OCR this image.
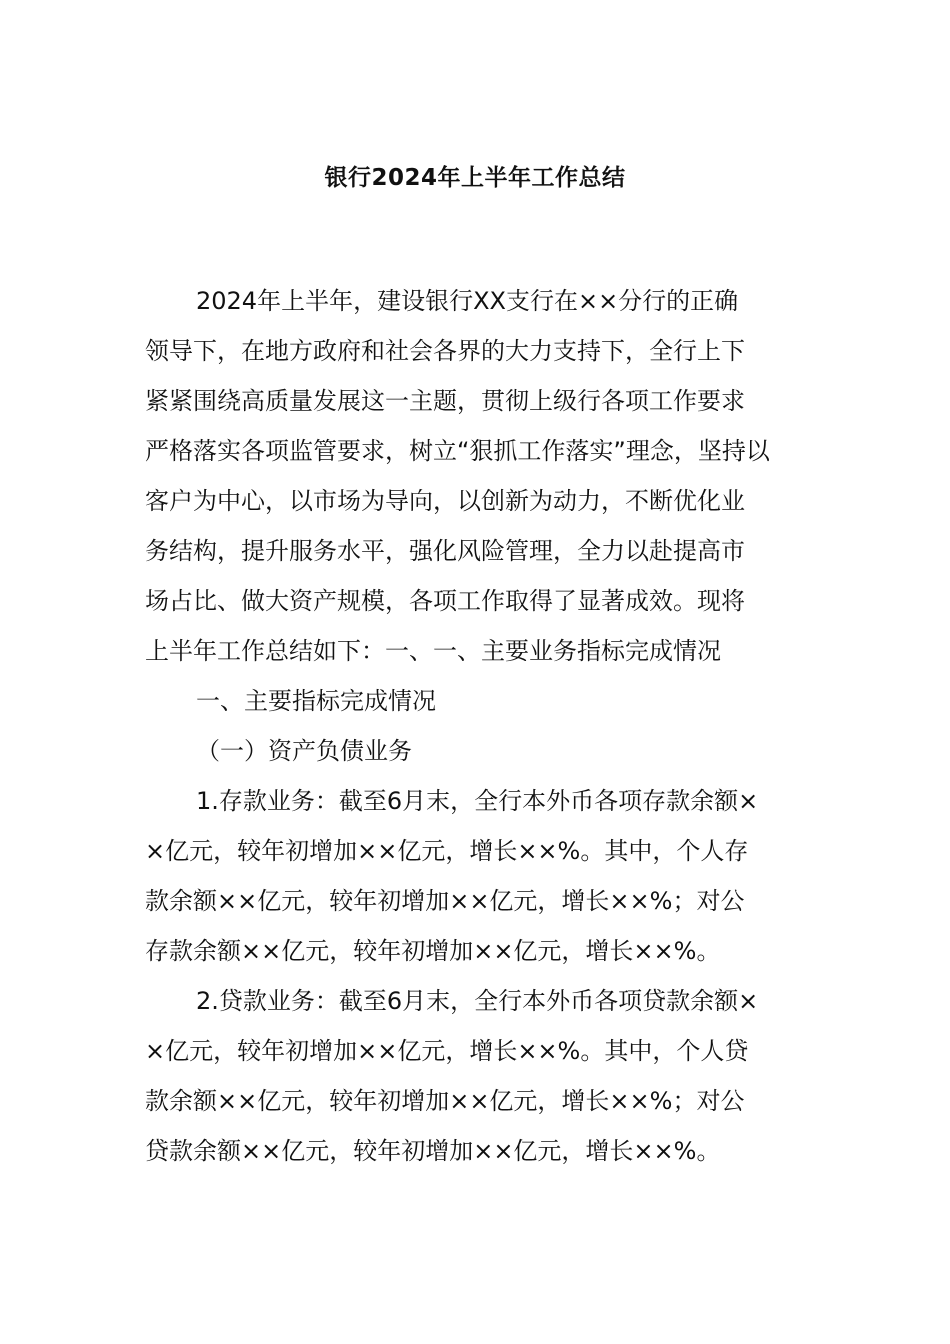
银行2024年上半年工作总结
2024年上半年，建设银行XX支行在××分行的正确
领导下，在地方政府和社会各界的大力支持下，全行上下
紧紧围绕高质量发展这一主题，贯彻上级行各项工作要求
严格落实各项监管要求，树立“狠抓工作落实”理念，坚持以
客户为中心，以市场为导向，以创新为动力，不断优化业
务结构，提升服务水平，强化风险管理，全力以赴提高市
场占比、做大资产规模，各项工作取得了显著成效。现将
上半年工作总结如下：一、一、主要业务指标完成情况
一、主要指标完成情况
（一）资产负债业务
1.存款业务：截至6月末，全行本外币各项存款余额×
×亿元，较年初增加××亿元，增长××%。其中，个人存
款余额××亿元，较年初增加××亿元，增长××%；对公
存款余额××亿元，较年初增加××亿元，增长××%。
2.贷款业务：截至6月末，全行本外币各项贷款余额×
×亿元，较年初增加××亿元，增长××%。其中，个人贷
款余额××亿元，较年初增加××亿元，增长××%；对公
贷款余额××亿元，较年初增加××亿元，增长××%。
